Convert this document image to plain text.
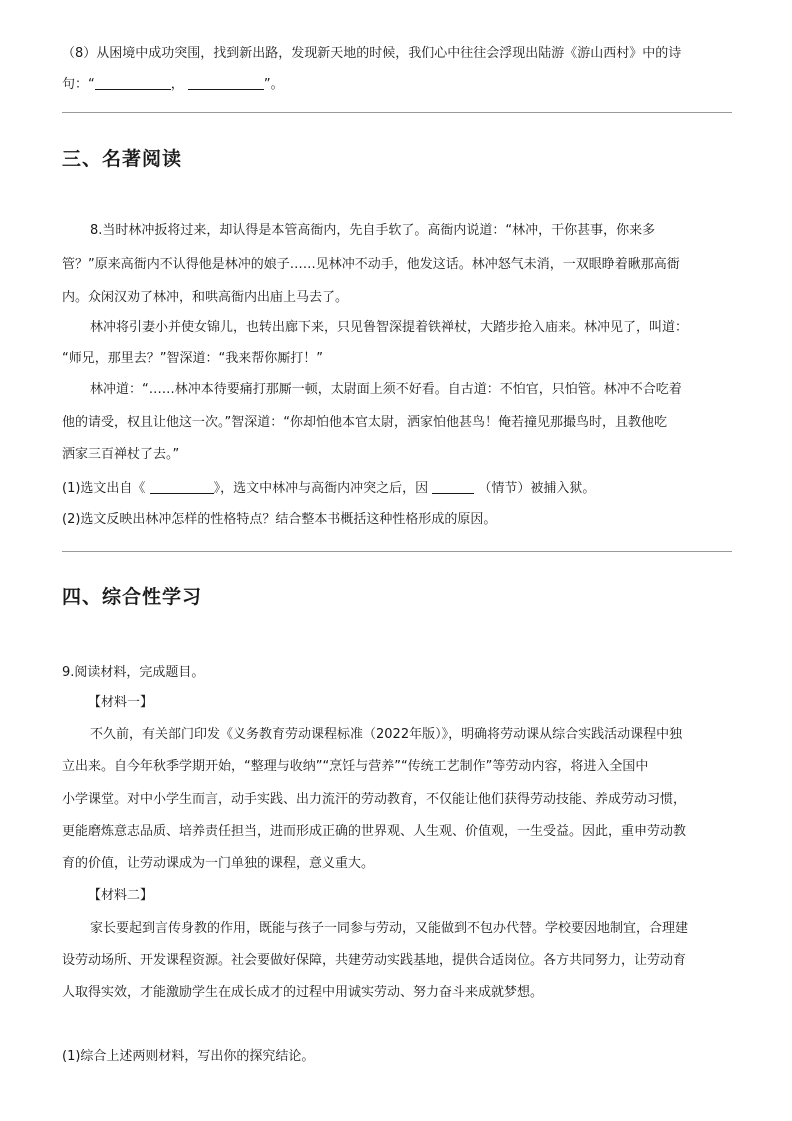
（8）从困境中成功突围，找到新出路，发现新天地的时候，我们心中往往会浮现出陆游《游山西村》中的诗
句：“	，	”。
三、名著阅读
8.当时林冲扳将过来，却认得是本管高衙内，先自手软了。高衙内说道：“林冲，干你甚事，你来多
管？”原来高衙内不认得他是林冲的娘子……见林冲不动手，他发这话。林冲怒气未消，一双眼睁着瞅那高衙
内。众闲汉劝了林冲，和哄高衙内出庙上马去了。
林冲将引妻小并使女锦儿，也转出廊下来，只见鲁智深提着铁禅杖，大踏步抢入庙来。林冲见了，叫道：
“师兄，那里去？”智深道：“我来帮你厮打！”
林冲道：“……林冲本待要痛打那厮一顿，太尉面上须不好看。自古道：不怕官，只怕管。林冲不合吃着
他的请受，权且让他这一次。”智深道：“你却怕他本官太尉，洒家怕他甚鸟！俺若撞见那撮鸟时，且教他吃
洒家三百禅杖了去。”
(1)选文出自《	》，选文中林冲与高衙内冲突之后，因	（情节）被捕入狱。
(2)选文反映出林冲怎样的性格特点？结合整本书概括这种性格形成的原因。
四、综合性学习
9.阅读材料，完成题目。
【材料一】
不久前，有关部门印发《义务教育劳动课程标准（2022年版）》，明确将劳动课从综合实践活动课程中独
立出来。自今年秋季学期开始，“整理与收纳”“烹饪与营养”“传统工艺制作”等劳动内容，将进入全国中
小学课堂。对中小学生而言，动手实践、出力流汗的劳动教育，不仅能让他们获得劳动技能、养成劳动习惯，
更能磨炼意志品质、培养责任担当，进而形成正确的世界观、人生观、价值观，一生受益。因此，重申劳动教
育的价值，让劳动课成为一门单独的课程，意义重大。
【材料二】
家长要起到言传身教的作用，既能与孩子一同参与劳动，又能做到不包办代替。学校要因地制宜，合理建
设劳动场所、开发课程资源。社会要做好保障，共建劳动实践基地，提供合适岗位。各方共同努力，让劳动育
人取得实效，才能激励学生在成长成才的过程中用诚实劳动、努力奋斗来成就梦想。
(1)综合上述两则材料，写出你的探究结论。
